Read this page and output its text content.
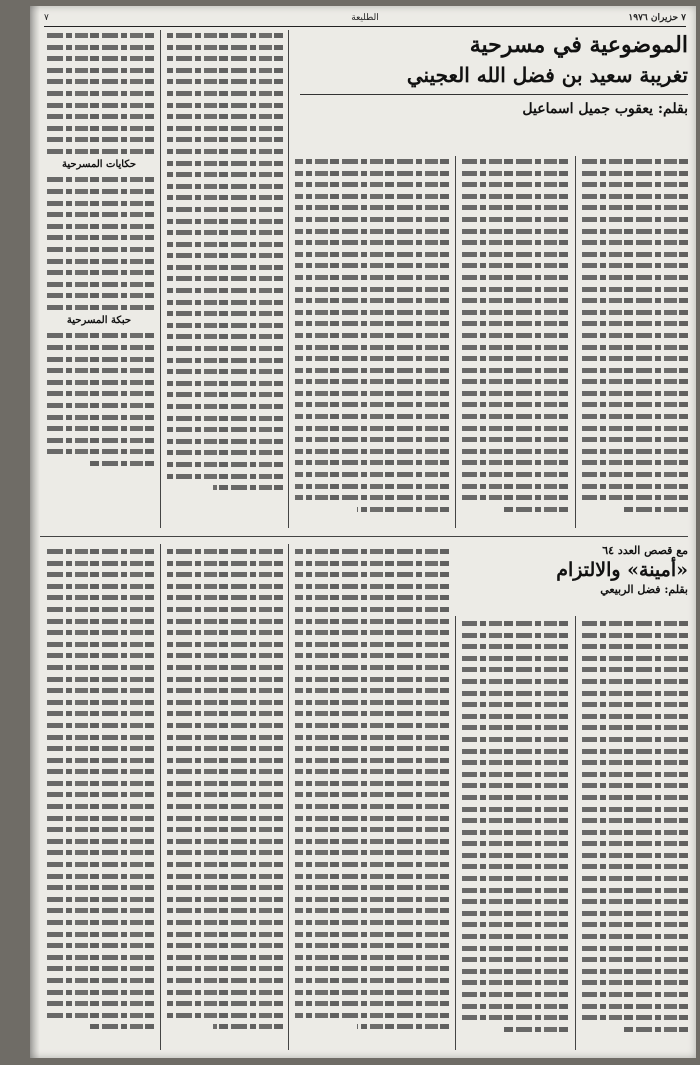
٧ حزيران ١٩٧٦
الطليعة
٧
الموضوعية في مسرحية
تغريبة سعيد بن فضل الله العجيني
بقلم: يعقوب جميل اسماعيل
حكايات المسرحية
حبكة المسرحية
مع قصص العدد ٦٤
«أمينة» والالتزام
بقلم: فضل الربيعي
